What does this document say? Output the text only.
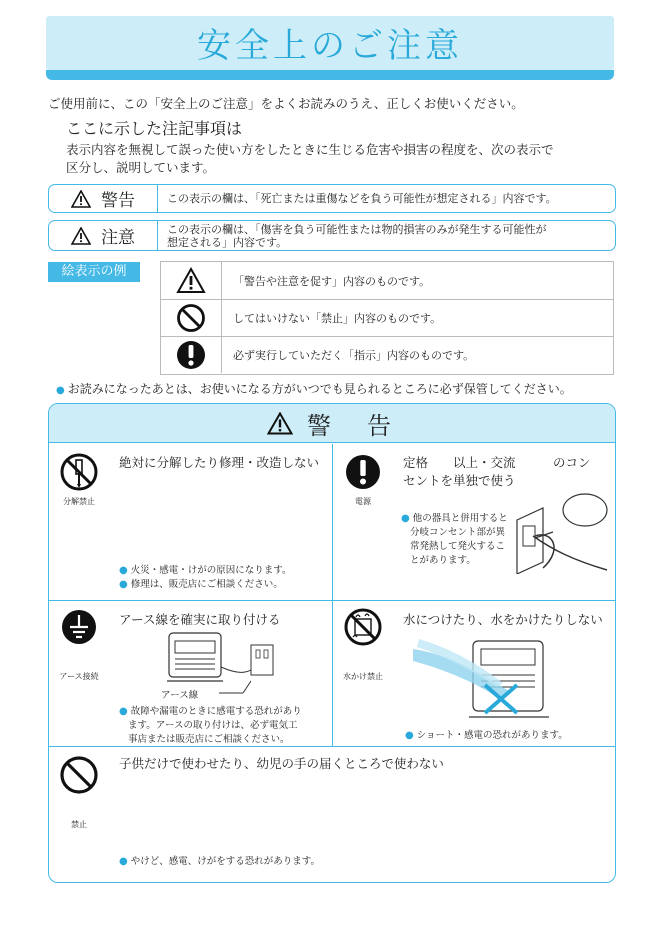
安全上のご注意
ご使用前に、この「安全上のご注意」をよくお読みのうえ、正しくお使いください。
ここに示した注記事項は
表示内容を無視して誤った使い方をしたときに生じる危害や損害の程度を、次の表示で
区分し、説明しています。
警告	この表示の欄は、「死亡または重傷などを負う可能性が想定される」内容です。
注意	この表示の欄は、「傷害を負う可能性または物的損害のみが発生する可能性が
想定される」内容です。
絵表示の例
「警告や注意を促す」内容のものです。
してはいけない「禁止」内容のものです。
必ず実行していただく「指示」内容のものです。
● お読みになったあとは、お使いになる方がいつでも見られるところに必ず保管してください。
警　告
分解禁止
絶対に分解したり修理・改造しない
● 火災・感電・けがの原因になります。
● 修理は、販売店にご相談ください。
電源
定格　　以上・交流　　　のコン
セントを単独で使う
● 他の器具と併用すると
分岐コンセント部が異
常発熱して発火するこ
とがあります。
アース接続
アース線を確実に取り付ける
アース線
● 故障や漏電のときに感電する恐れがあり
ます。アースの取り付けは、必ず電気工
事店または販売店にご相談ください。
水かけ禁止
水につけたり、水をかけたりしない
● ショート・感電の恐れがあります。
禁止
子供だけで使わせたり、幼児の手の届くところで使わない
● やけど、感電、けがをする恐れがあります。
